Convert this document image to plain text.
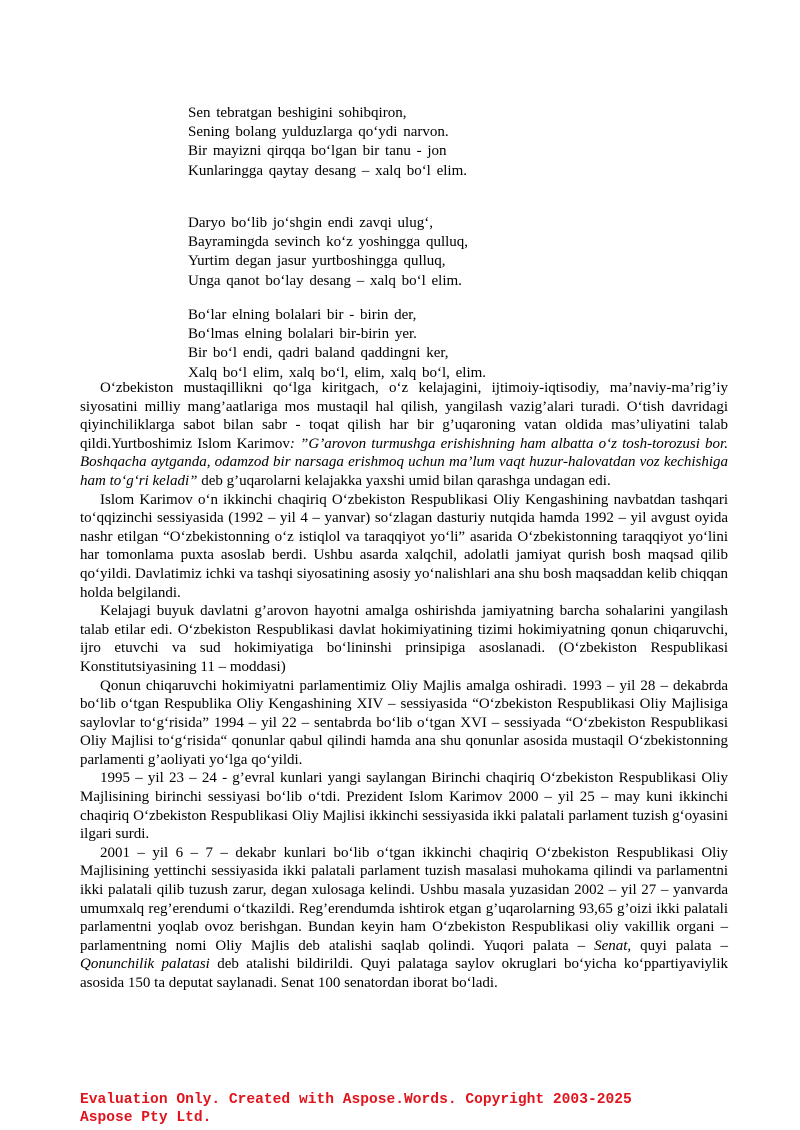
Sen tebratgan beshigini sohibqiron,
Sening bolang yulduzlarga qo‘ydi narvon.
Bir mayizni qirqqa bo‘lgan bir tanu - jon
Kunlaringga qaytay desang – xalq bo‘l elim.
Daryo bo‘lib jo‘shgin endi zavqi ulug‘,
Bayramingda sevinch ko‘z yoshingga qulluq,
Yurtim degan jasur yurtboshingga qulluq,
Unga qanot bo‘lay desang – xalq bo‘l elim.
Bo‘lar elning bolalari bir - birin der,
Bo‘lmas elning bolalari bir-birin yer.
Bir bo‘l endi, qadri baland qaddingni ker,
Xalq bo‘l elim, xalq bo‘l, elim, xalq bo‘l, elim.

O‘zbekiston mustaqillikni qo‘lga kiritgach, o‘z kelajagini, ijtimoiy-iqtisodiy, ma’naviy-ma’rig’iy siyosatini milliy mang’aatlariga mos mustaqil hal qilish, yangilash vazig’alari turadi. O‘tish davridagi qiyinchiliklarga sabot bilan sabr - toqat qilish har bir g’uqaroning vatan oldida mas’uliyatini talab qildi.Yurtboshimiz Islom Karimov: ”G’arovon turmushga erishishning ham albatta o‘z tosh-torozusi bor. Boshqacha aytganda, odamzod bir narsaga erishmoq uchun ma’lum vaqt huzur-halovatdan voz kechishiga ham to‘g‘ri keladi” deb g’uqarolarni kelajakka yaxshi umid bilan qarashga undagan edi.

Islom Karimov o‘n ikkinchi chaqiriq O‘zbekiston Respublikasi Oliy Kengashining navbatdan tashqari to‘qqizinchi sessiyasida (1992 – yil 4 – yanvar) so‘zlagan dasturiy nutqida hamda 1992 – yil avgust oyida nashr etilgan “O‘zbekistonning o‘z istiqlol va taraqqiyot yo‘li” asarida O‘zbekistonning taraqqiyot yo‘lini har tomonlama puxta asoslab berdi. Ushbu asarda xalqchil, adolatli jamiyat qurish bosh maqsad qilib qo‘yildi. Davlatimiz ichki va tashqi siyosatining asosiy yo‘nalishlari ana shu bosh maqsaddan kelib chiqqan holda belgilandi.

Kelajagi buyuk davlatni g’arovon hayotni amalga oshirishda jamiyatning barcha sohalarini yangilash talab etilar edi. O‘zbekiston Respublikasi davlat hokimiyatining tizimi hokimiyatning qonun chiqaruvchi, ijro etuvchi va sud hokimiyatiga bo‘lininshi prinsipiga asoslanadi. (O‘zbekiston Respublikasi Konstitutsiyasining 11 – moddasi)

Qonun chiqaruvchi hokimiyatni parlamentimiz Oliy Majlis amalga oshiradi. 1993 – yil 28 – dekabrda bo‘lib o‘tgan Respublika Oliy Kengashining XIV – sessiyasida “O‘zbekiston Respublikasi Oliy Majlisiga saylovlar to‘g‘risida” 1994 – yil 22 – sentabrda bo‘lib o‘tgan XVI – sessiyada “O‘zbekiston Respublikasi Oliy Majlisi to‘g‘risida“ qonunlar qabul qilindi hamda ana shu qonunlar asosida mustaqil O‘zbekistonning parlamenti g’aoliyati yo‘lga qo‘yildi.

1995 – yil 23 – 24 - g’evral kunlari yangi saylangan Birinchi chaqiriq O‘zbekiston Respublikasi Oliy Majlisining birinchi sessiyasi bo‘lib o‘tdi. Prezident Islom Karimov 2000 – yil 25 – may kuni ikkinchi chaqiriq O‘zbekiston Respublikasi Oliy Majlisi ikkinchi sessiyasida ikki palatali parlament tuzish g‘oyasini ilgari surdi.

2001 – yil 6 – 7 – dekabr kunlari bo‘lib o‘tgan ikkinchi chaqiriq O‘zbekiston Respublikasi Oliy Majlisining yettinchi sessiyasida ikki palatali parlament tuzish masalasi muhokama qilindi va parlamentni ikki palatali qilib tuzush zarur, degan xulosaga kelindi. Ushbu masala yuzasidan 2002 – yil 27 – yanvarda umumxalq reg’erendumi o‘tkazildi. Reg’erendumda ishtirok etgan g’uqarolarning 93,65 g’oizi ikki palatali parlamentni yoqlab ovoz berishgan. Bundan keyin ham O‘zbekiston Respublikasi oliy vakillik organi – parlamentning nomi Oliy Majlis deb atalishi saqlab qolindi. Yuqori palata – Senat, quyi palata – Qonunchilik palatasi deb atalishi bildirildi. Quyi palataga saylov okruglari bo‘yicha ko‘ppartiyaviylik asosida 150 ta deputat saylanadi. Senat 100 senatordan iborat bo‘ladi.

Evaluation Only. Created with Aspose.Words. Copyright 2003-2025
Aspose Pty Ltd.
